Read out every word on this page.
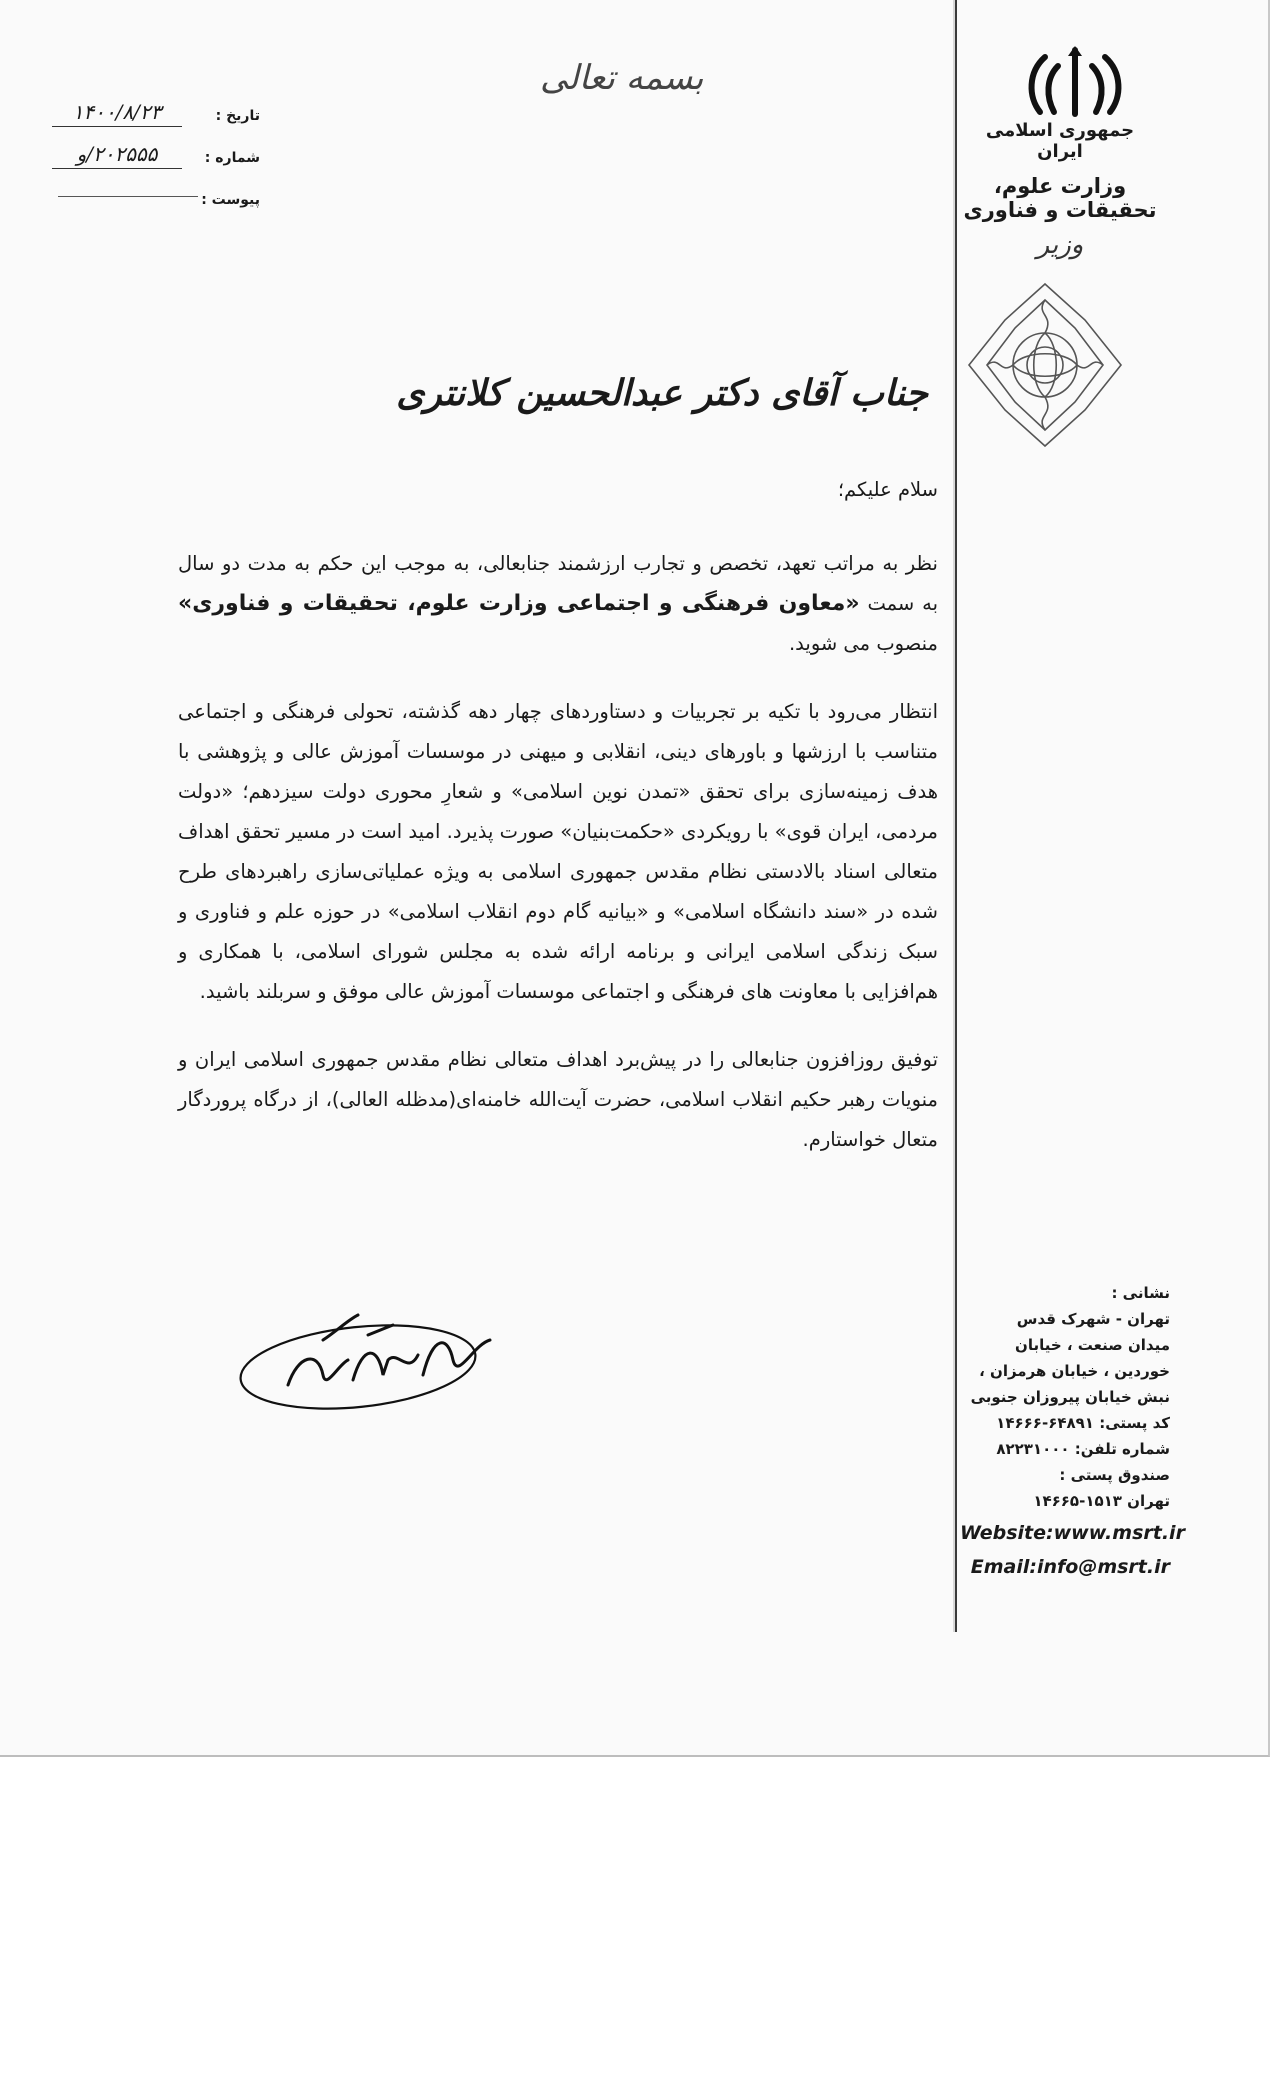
بسمه تعالی
تاریخ :
۱۴۰۰/۸/۲۳
شماره :
۲۰۲۵۵۵/و
پیوست :
جمهوری اسلامی ایران
وزارت علوم، تحقیقات و فناوری
وزیر
جناب آقای دکتر عبدالحسین کلانتری

سلام علیکم؛

نظر به مراتب تعهد، تخصص و تجارب ارزشمند جنابعالی، به موجب این حکم به مدت دو سال به سمت «معاون فرهنگی و اجتماعی وزارت علوم، تحقیقات و فناوری» منصوب می شوید.

انتظار می‌رود با تکیه بر تجربیات و دستاوردهای چهار دهه گذشته، تحولی فرهنگی و اجتماعی متناسب با ارزشها و باورهای دینی، انقلابی و میهنی در موسسات آموزش عالی و پژوهشی با هدف زمینه‌سازی برای تحقق «تمدن نوین اسلامی» و شعارِ محوری دولت سیزدهم؛ «دولت مردمی، ایران قوی» با رویکردی «حکمت‌بنیان» صورت پذیرد. امید است در مسیر تحقق اهداف متعالی اسناد بالادستی نظام مقدس جمهوری اسلامی به ویژه عملیاتی‌سازی راهبردهای طرح شده در «سند دانشگاه اسلامی» و «بیانیه گام دوم انقلاب اسلامی» در حوزه علم و فناوری و سبک زندگی اسلامی ایرانی و برنامه ارائه شده به مجلس شورای اسلامی، با همکاری و هم‌افزایی با معاونت های فرهنگی و اجتماعی موسسات آموزش عالی موفق و سربلند باشید.

توفیق روزافزون جنابعالی را در پیش‌برد اهداف متعالی نظام مقدس جمهوری اسلامی ایران و منویات رهبر حکیم انقلاب اسلامی، حضرت آیت‌الله خامنه‌ای(مدظله العالی)، از درگاه پروردگار متعال خواستارم.

نشانی :
تهران - شهرک قدس
میدان صنعت ، خیابان
خوردین ، خیابان هرمزان ،
نبش خیابان پیروزان جنوبی
کد پستی: ۶۴۸۹۱-۱۴۶۶۶
شماره تلفن: ۸۲۲۳۱۰۰۰
صندوق پستی :
تهران ۱۵۱۳-۱۴۶۶۵
Website:www.msrt.ir
Email:info@msrt.ir
